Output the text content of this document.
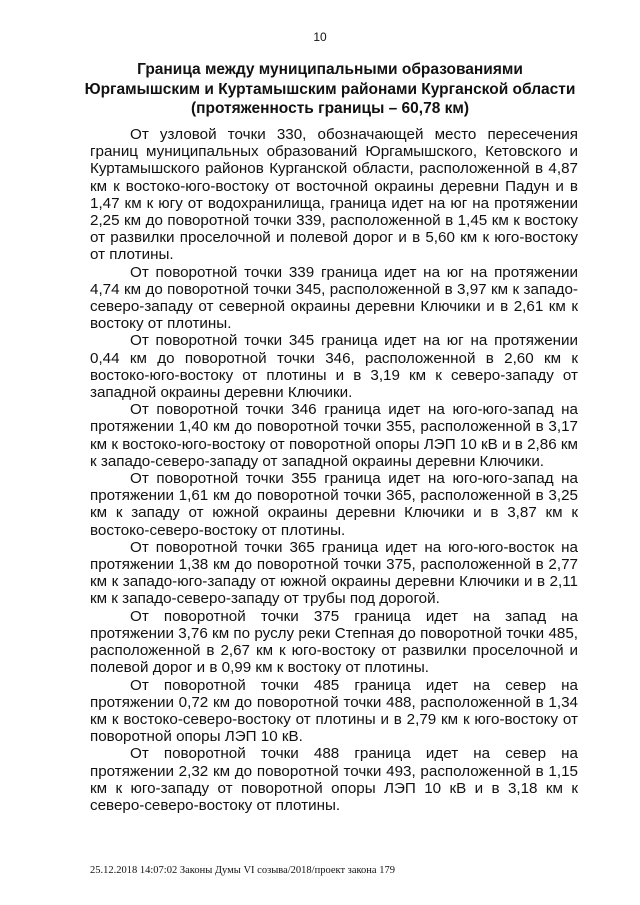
10
Граница между муниципальными образованиями
Юргамышским и Куртамышским районами Курганской области
(протяженность границы – 60,78 км)

От узловой точки 330, обозначающей место пересечения границ муниципальных образований Юргамышского, Кетовского и Куртамышского районов Курганской области, расположенной в 4,87 км к востоко-юго-востоку от восточной окраины деревни Падун и в 1,47 км к югу от водохранилища, граница идет на юг на протяжении 2,25 км до поворотной точки 339, расположенной в 1,45 км к востоку от развилки проселочной и полевой дорог и в 5,60 км к юго-востоку от плотины.

От поворотной точки 339 граница идет на юг на протяжении 4,74 км до поворотной точки 345, расположенной в 3,97 км к западо-северо-западу от северной окраины деревни Ключики и в 2,61 км к востоку от плотины.

От поворотной точки 345 граница идет на юг на протяжении 0,44 км до поворотной точки 346, расположенной в 2,60 км к востоко-юго-востоку от плотины и в 3,19 км к северо-западу от западной окраины деревни Ключики.

От поворотной точки 346 граница идет на юго-юго-запад на протяжении 1,40 км до поворотной точки 355, расположенной в 3,17 км к востоко-юго-востоку от поворотной опоры ЛЭП 10 кВ и в 2,86 км к западо-северо-западу от западной окраины деревни Ключики.

От поворотной точки 355 граница идет на юго-юго-запад на протяжении 1,61 км до поворотной точки 365, расположенной в 3,25 км к западу от южной окраины деревни Ключики и в 3,87 км к востоко-северо-востоку от плотины.

От поворотной точки 365 граница идет на юго-юго-восток на протяжении 1,38 км до поворотной точки 375, расположенной в 2,77 км к западо-юго-западу от южной окраины деревни Ключики и в 2,11 км к западо-северо-западу от трубы под дорогой.

От поворотной точки 375 граница идет на запад на протяжении 3,76 км по руслу реки Степная до поворотной точки 485, расположенной в 2,67 км к юго-востоку от развилки проселочной и полевой дорог и в 0,99 км к востоку от плотины.

От поворотной точки 485 граница идет на север на протяжении 0,72 км до поворотной точки 488, расположенной в 1,34 км к востоко-северо-востоку от плотины и в 2,79 км к юго-востоку от поворотной опоры ЛЭП 10 кВ.

От поворотной точки 488 граница идет на север на протяжении 2,32 км до поворотной точки 493, расположенной в 1,15 км к юго-западу от поворотной опоры ЛЭП 10 кВ и в 3,18 км к северо-северо-востоку от плотины.

25.12.2018 14:07:02 Законы Думы VI созыва/2018/проект закона 179
